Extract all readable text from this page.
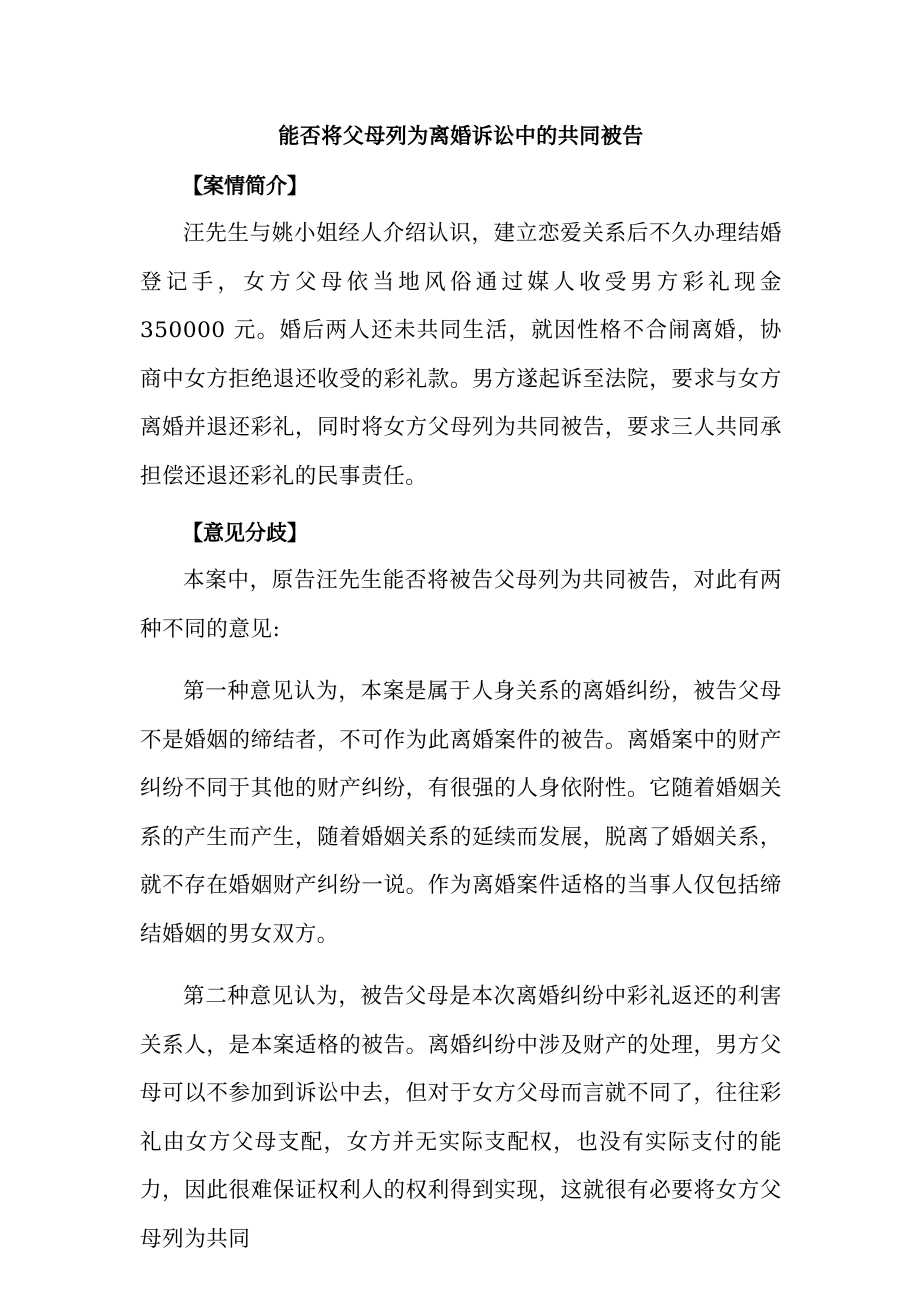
能否将父母列为离婚诉讼中的共同被告
【案情简介】

汪先生与姚小姐经人介绍认识，建立恋爱关系后不久办理结婚登记手，女方父母依当地风俗通过媒人收受男方彩礼现金 350000 元。婚后两人还未共同生活，就因性格不合闹离婚，协商中女方拒绝退还收受的彩礼款。男方遂起诉至法院，要求与女方离婚并退还彩礼，同时将女方父母列为共同被告，要求三人共同承担偿还退还彩礼的民事责任。

【意见分歧】

本案中，原告汪先生能否将被告父母列为共同被告，对此有两种不同的意见:

第一种意见认为，本案是属于人身关系的离婚纠纷，被告父母不是婚姻的缔结者，不可作为此离婚案件的被告。离婚案中的财产纠纷不同于其他的财产纠纷，有很强的人身依附性。它随着婚姻关系的产生而产生，随着婚姻关系的延续而发展，脱离了婚姻关系，就不存在婚姻财产纠纷一说。作为离婚案件适格的当事人仅包括缔结婚姻的男女双方。

第二种意见认为，被告父母是本次离婚纠纷中彩礼返还的利害关系人，是本案适格的被告。离婚纠纷中涉及财产的处理，男方父母可以不参加到诉讼中去，但对于女方父母而言就不同了，往往彩礼由女方父母支配，女方并无实际支配权，也没有实际支付的能力，因此很难保证权利人的权利得到实现，这就很有必要将女方父母列为共同
